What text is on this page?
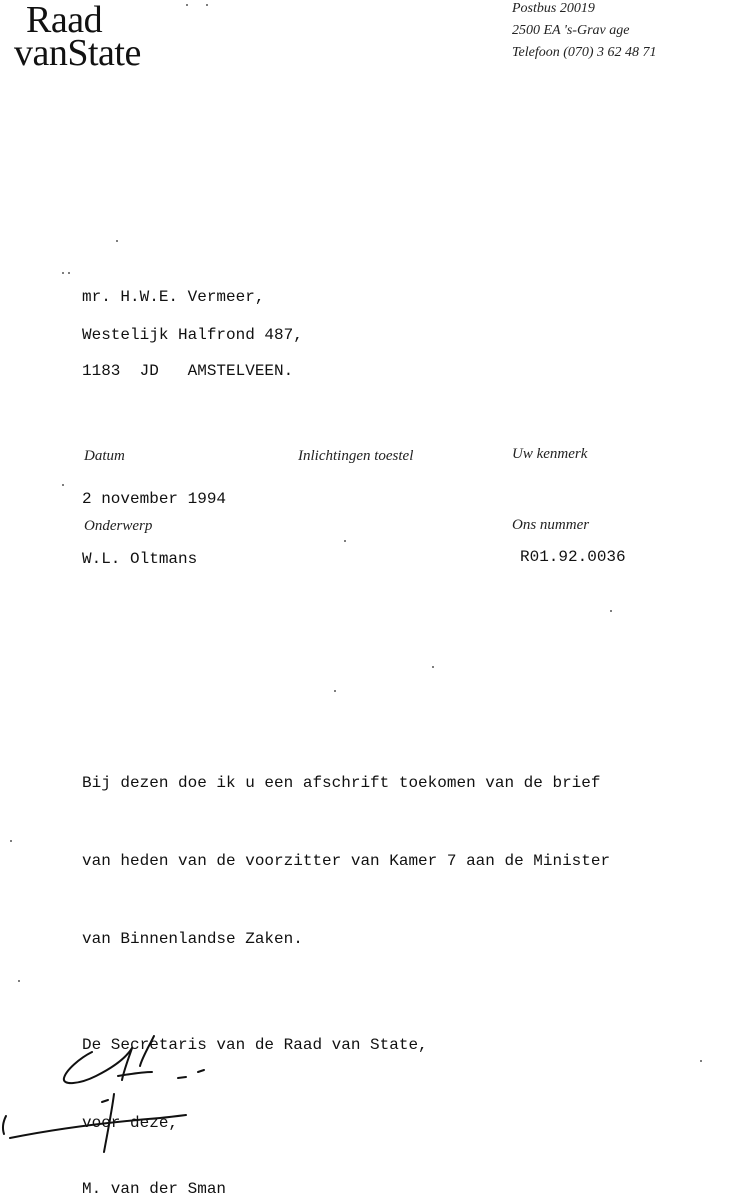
Raad
vanState
Postbus 20019
2500 EA 's-Grav age
Telefoon (070) 3 62 48 71
mr. H.W.E. Vermeer,
Westelijk Halfrond 487,
1183  JD   AMSTELVEEN.
Datum	Inlichtingen toestel	Uw kenmerk
2 november 1994
Onderwerp	Ons nummer
W.L. Oltmans	R01.92.0036

Bij dezen doe ik u een afschrift toekomen van de brief

van heden van de voorzitter van Kamer 7 aan de Minister

van Binnenlandse Zaken.

De Secretaris van de Raad van State,

voor deze,

M. van der Sman
